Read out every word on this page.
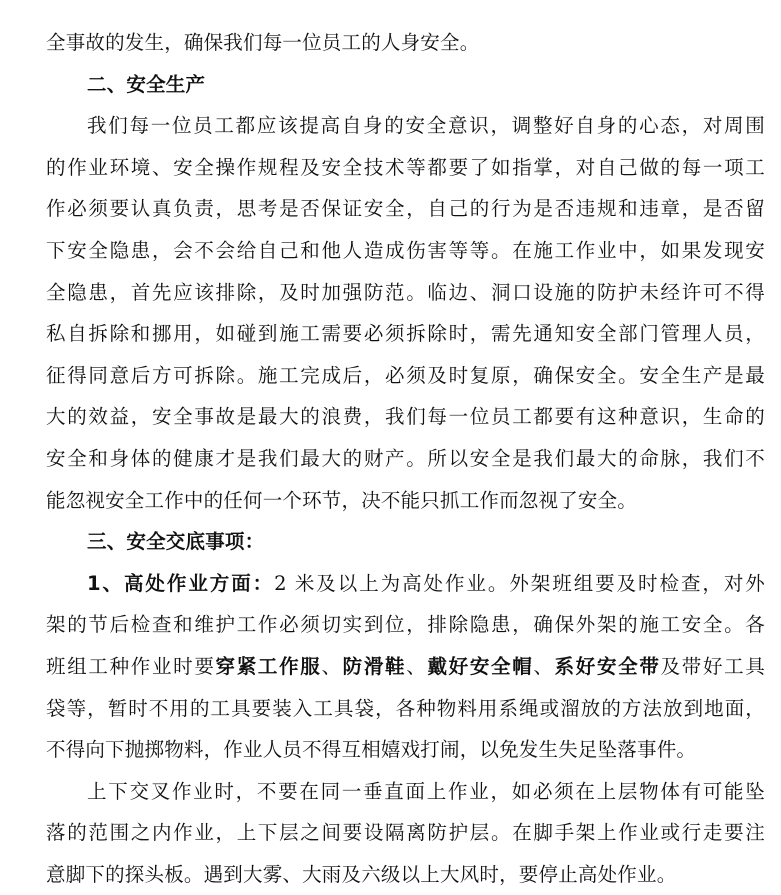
全事故的发生，确保我们每一位员工的人身安全。
二、安全生产
我们每一位员工都应该提高自身的安全意识，调整好自身的心态，对周围
的作业环境、安全操作规程及安全技术等都要了如指掌，对自己做的每一项工
作必须要认真负责，思考是否保证安全，自己的行为是否违规和违章，是否留
下安全隐患，会不会给自己和他人造成伤害等等。在施工作业中，如果发现安
全隐患，首先应该排除，及时加强防范。临边、洞口设施的防护未经许可不得
私自拆除和挪用，如碰到施工需要必须拆除时，需先通知安全部门管理人员，
征得同意后方可拆除。施工完成后，必须及时复原，确保安全。安全生产是最
大的效益，安全事故是最大的浪费，我们每一位员工都要有这种意识，生命的
安全和身体的健康才是我们最大的财产。所以安全是我们最大的命脉，我们不
能忽视安全工作中的任何一个环节，决不能只抓工作而忽视了安全。
三、安全交底事项：
1、高处作业方面：2 米及以上为高处作业。外架班组要及时检查，对外
架的节后检查和维护工作必须切实到位，排除隐患，确保外架的施工安全。各
班组工种作业时要穿紧工作服、防滑鞋、戴好安全帽、系好安全带及带好工具
袋等，暂时不用的工具要装入工具袋，各种物料用系绳或溜放的方法放到地面，
不得向下抛掷物料，作业人员不得互相嬉戏打闹，以免发生失足坠落事件。
上下交叉作业时，不要在同一垂直面上作业，如必须在上层物体有可能坠
落的范围之内作业，上下层之间要设隔离防护层。在脚手架上作业或行走要注
意脚下的探头板。遇到大雾、大雨及六级以上大风时，要停止高处作业。
